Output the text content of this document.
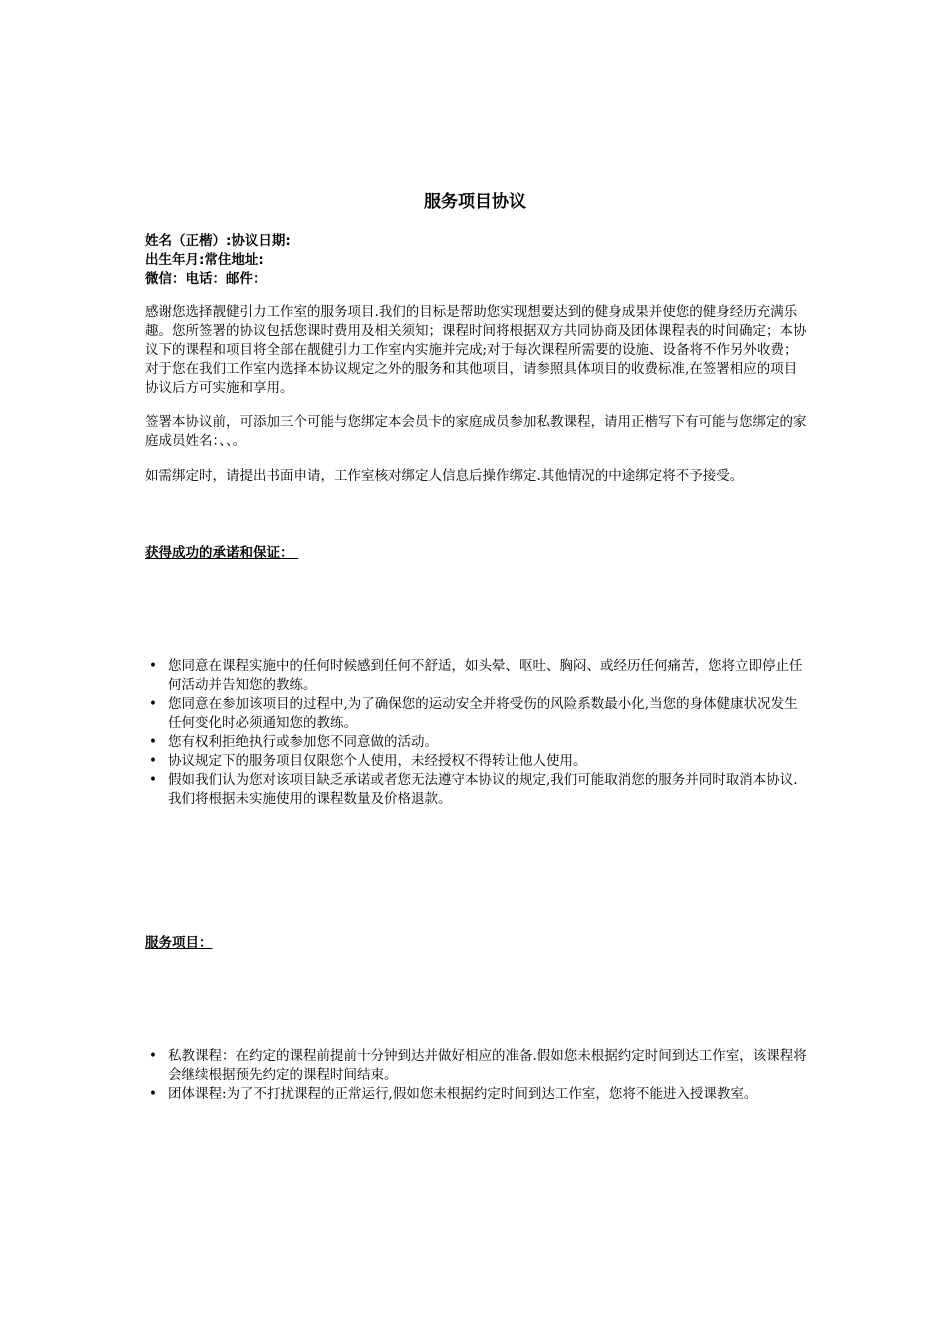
服务项目协议
姓名（正楷）:协议日期:
出生年月:常住地址:
微信：电话：邮件：

感谢您选择靓健引力工作室的服务项目.我们的目标是帮助您实现想要达到的健身成果并使您的健身经历充满乐趣。您所签署的协议包括您课时费用及相关须知；课程时间将根据双方共同协商及团体课程表的时间确定；本协议下的课程和项目将全部在靓健引力工作室内实施并完成;对于每次课程所需要的设施、设备将不作另外收费；对于您在我们工作室内选择本协议规定之外的服务和其他项目，请参照具体项目的收费标准,在签署相应的项目协议后方可实施和享用。

签署本协议前，可添加三个可能与您绑定本会员卡的家庭成员参加私教课程，请用正楷写下有可能与您绑定的家庭成员姓名：、、。

如需绑定时，请提出书面申请，工作室核对绑定人信息后操作绑定.其他情况的中途绑定将不予接受。

获得成功的承诺和保证：
• 您同意在课程实施中的任何时候感到任何不舒适，如头晕、呕吐、胸闷、或经历任何痛苦，您将立即停止任何活动并告知您的教练。
• 您同意在参加该项目的过程中,为了确保您的运动安全并将受伤的风险系数最小化,当您的身体健康状况发生任何变化时必须通知您的教练。
• 您有权利拒绝执行或参加您不同意做的活动。
• 协议规定下的服务项目仅限您个人使用，未经授权不得转让他人使用。
• 假如我们认为您对该项目缺乏承诺或者您无法遵守本协议的规定,我们可能取消您的服务并同时取消本协议.我们将根据未实施使用的课程数量及价格退款。
服务项目：
• 私教课程：在约定的课程前提前十分钟到达并做好相应的准备.假如您未根据约定时间到达工作室，该课程将会继续根据预先约定的课程时间结束。
• 团体课程:为了不打扰课程的正常运行,假如您未根据约定时间到达工作室，您将不能进入授课教室。
